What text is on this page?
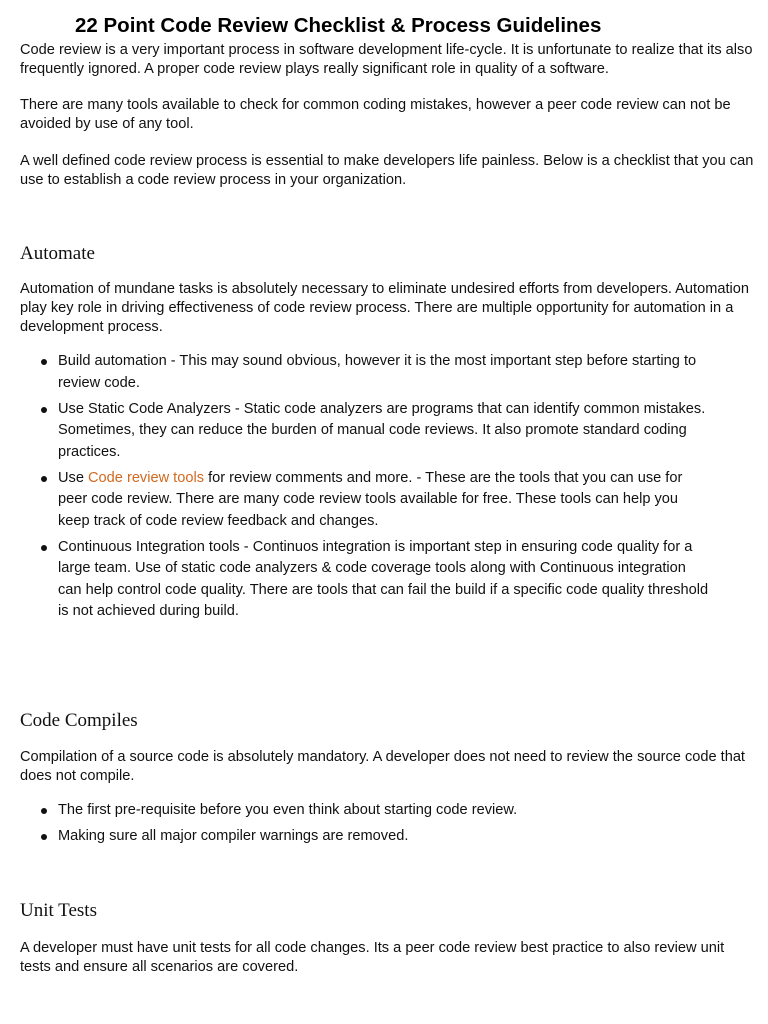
22 Point Code Review Checklist & Process Guidelines

Code review is a very important process in software development life-cycle. It is unfortunate to realize that its also frequently ignored. A proper code review plays really significant role in quality of a software.

There are many tools available to check for common coding mistakes, however a peer code review can not be avoided by use of any tool.

A well defined code review process is essential to make developers life painless. Below is a checklist that you can use to establish a code review process in your organization.

Automate

Automation of mundane tasks is absolutely necessary to eliminate undesired efforts from developers. Automation play key role in driving effectiveness of code review process. There are multiple opportunity for automation in a development process.

Build automation - This may sound obvious, however it is the most important step before starting to review code.
Use Static Code Analyzers - Static code analyzers are programs that can identify common mistakes. Sometimes, they can reduce the burden of manual code reviews. It also promote standard coding practices.
Use Code review tools for review comments and more. - These are the tools that you can use for peer code review. There are many code review tools available for free. These tools can help you keep track of code review feedback and changes.
Continuous Integration tools - Continuos integration is important step in ensuring code quality for a large team. Use of static code analyzers & code coverage tools along with Continuous integration can help control code quality. There are tools that can fail the build if a specific code quality threshold is not achieved during build.
Code Compiles

Compilation of a source code is absolutely mandatory. A developer does not need to review the source code that does not compile.

The first pre-requisite before you even think about starting code review.
Making sure all major compiler warnings are removed.
Unit Tests

A developer must have unit tests for all code changes. Its a peer code review best practice to also review unit tests and ensure all scenarios are covered.
